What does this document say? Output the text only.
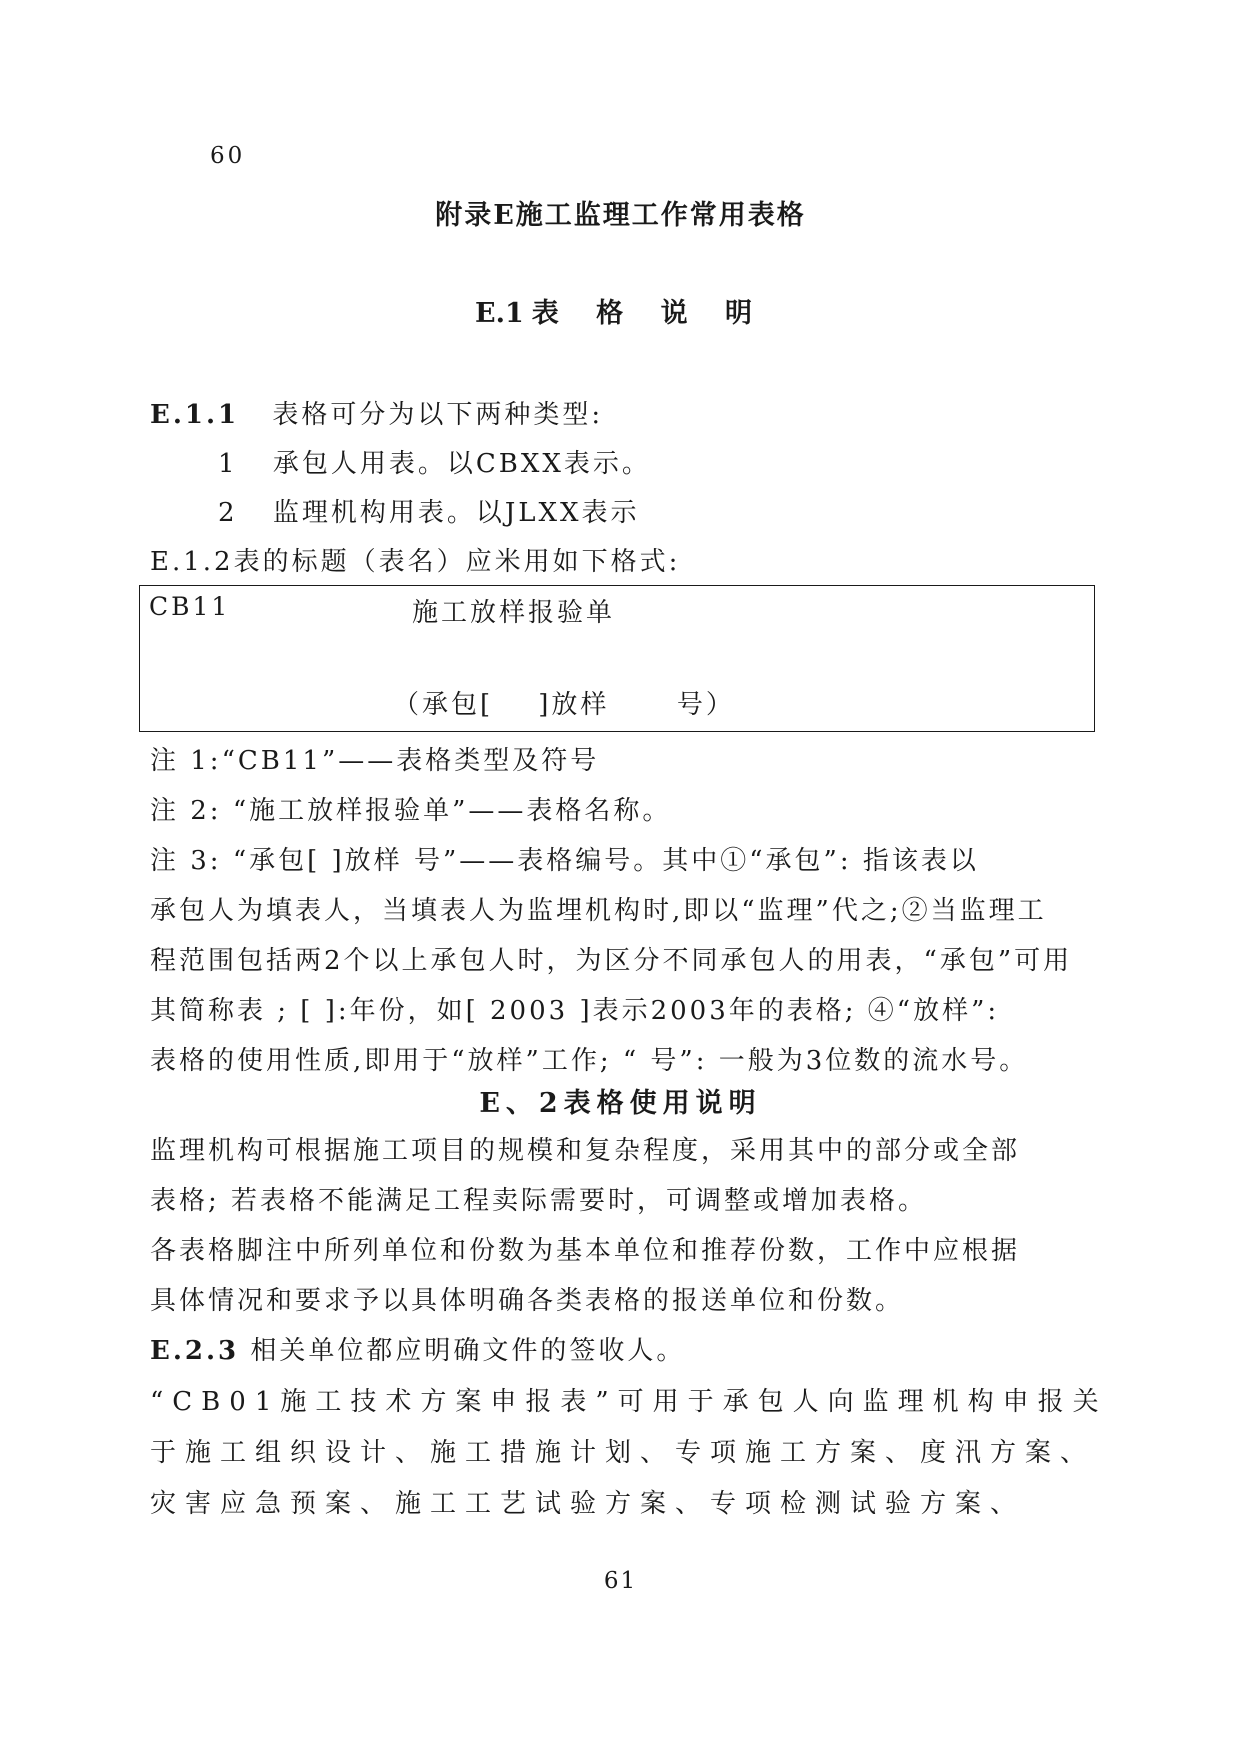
60
附录E施工监理工作常用表格
E.1 表 格 说 明
E.1.1 表格可分为以下两种类型:
1 承包人用表。以CBXX表示。
2 监理机构用表。以JLXX表示
E.1.2表的标题（表名）应米用如下格式:
CB11	施工放样报验单
（承包[    ]放样      号）
注 1:“CB11”——表格类型及符号
注 2: “施工放样报验单”——表格名称。
注 3: “承包[ ]放样 号”——表格编号。其中①“承包”: 指该表以
承包人为填表人，当填表人为监埋机构时,即以“监理”代之;②当监理工
程范围包括两2个以上承包人时，为区分不同承包人的用表，“承包”可用
其简称表 ; [ ]:年份，如[ 2003 ]表示2003年的表格; ④“放样”:
表格的使用性质,即用于“放样”工作; “ 号”: 一般为3位数的流水号。
E、2表格使用说明
监理机构可根据施工项目的规模和复杂程度，采用其中的部分或全部
表格; 若表格不能满足工程卖际需要时，可调整或增加表格。
各表格脚注中所列单位和份数为基本单位和推荐份数，工作中应根据
具体情况和要求予以具体明确各类表格的报送单位和份数。
E.2.3 相关单位都应明确文件的签收人。
“CB01施工技术方案申报表”可用于承包人向监理机构申报关
于施工组织设计、施工措施计划、专项施工方案、度汛方案、
灾害应急预案、施工工艺试验方案、专项检测试验方案、
61
